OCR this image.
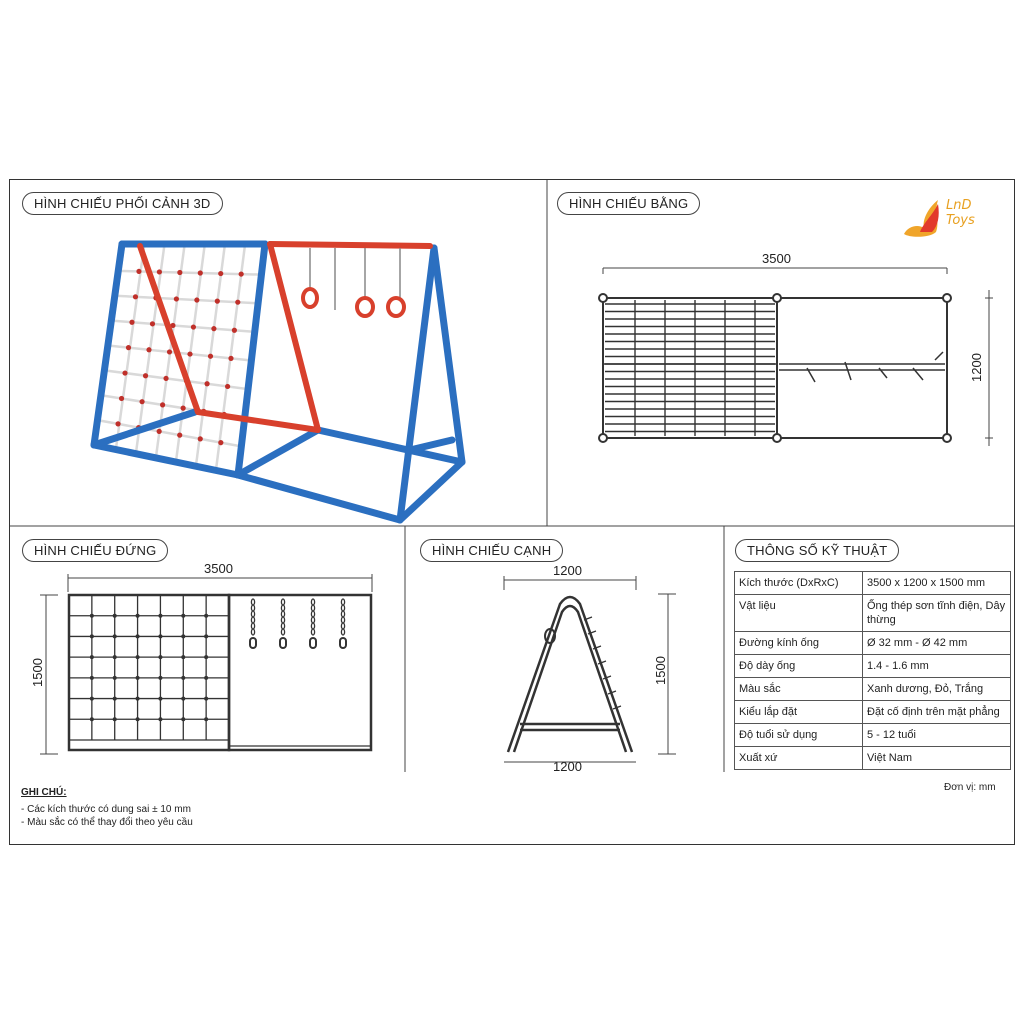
HÌNH CHIẾU PHỐI CẢNH 3D	HÌNH CHIẾU BẰNG
HÌNH CHIẾU ĐỨNG	HÌNH CHIẾU CẠNH	THÔNG SỐ KỸ THUẬT
LnD
Toys
3500
1200
3500
1500
1200
1200
1500
Kích thước (DxRxC)	3500 x 1200 x 1500 mm
Vật liệu	Ống thép sơn tĩnh điện, Dây thừng
Đường kính ống	Ø 32 mm - Ø 42 mm
Độ dày ống	1.4 - 1.6 mm
Màu sắc	Xanh dương, Đỏ, Trắng
Kiểu lắp đặt	Đặt cố định trên mặt phẳng
Độ tuổi sử dụng	5 - 12 tuổi
Xuất xứ	Việt Nam
Đơn vị: mm
GHI CHÚ:
- Các kích thước có dung sai ± 10 mm
- Màu sắc có thể thay đổi theo yêu cầu
